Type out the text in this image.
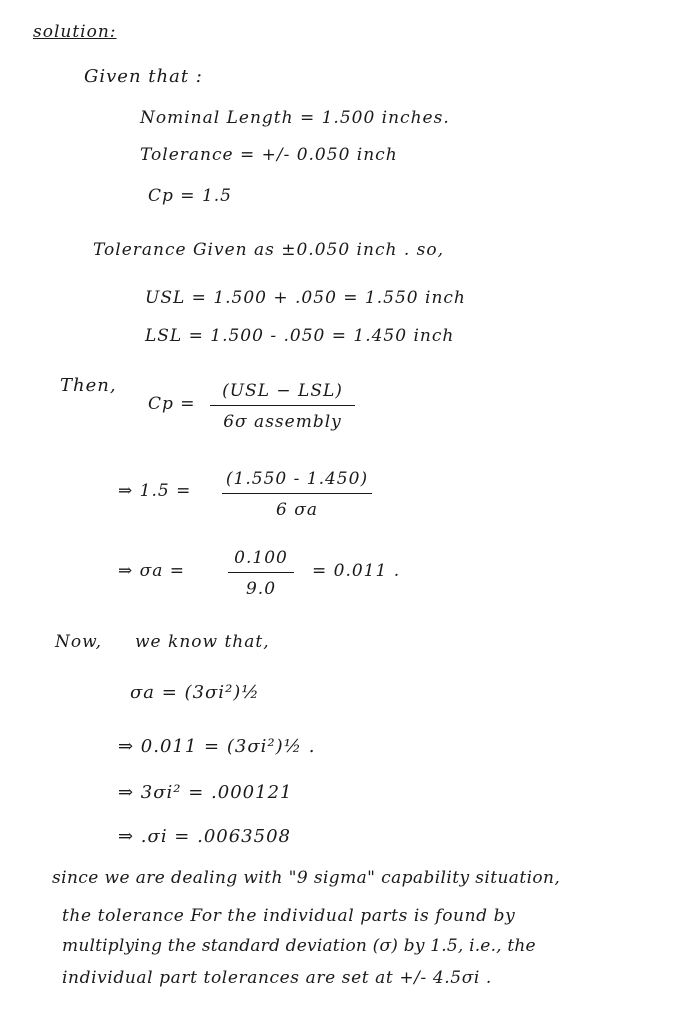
solution:
Given that :
Nominal Length = 1.500 inches.
Tolerance = +/- 0.050 inch
Cp = 1.5
Tolerance Given as ±0.050 inch . so,
USL = 1.500 + .050 = 1.550 inch
LSL = 1.500 - .050 = 1.450 inch
Then,
Cp =
(USL − LSL)
6σ assembly
⇒ 1.5 =
(1.550 - 1.450)
6 σa
⇒ σa =
0.100
9.0
= 0.011 .
Now, we know that,
σa = (3σi²)½
⇒ 0.011 = (3σi²)½ .
⇒ 3σi² = .000121
⇒ .σi = .0063508
since we are dealing with "9 sigma" capability situation,
the tolerance For the individual parts is found by
multiplying the standard deviation (σ) by 1.5, i.e., the
individual part tolerances are set at +/- 4.5σi .
